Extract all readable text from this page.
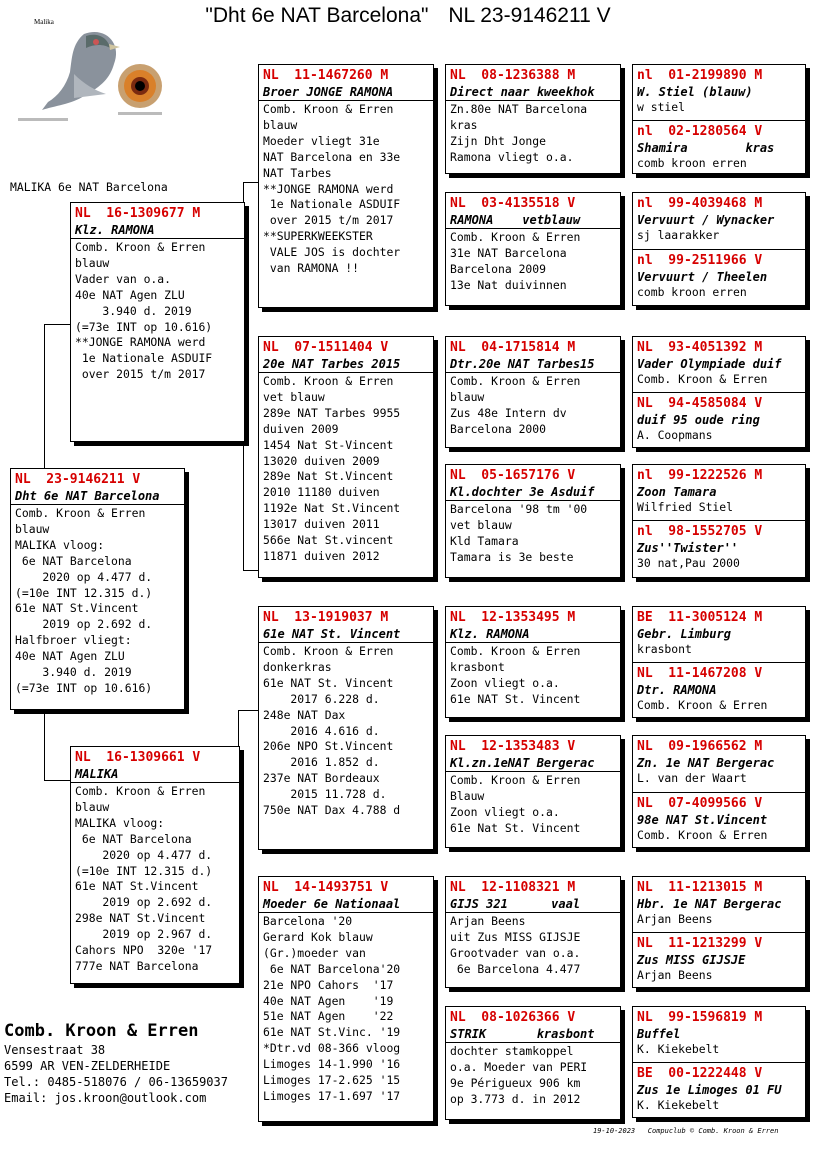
"Dht 6e NAT Barcelona" NL 23-9146211 V
Malika
MALIKA 6e NAT Barcelona
NL  23-9146211 V
Dht 6e NAT Barcelona
Comb. Kroon & Erren
blauw
MALIKA vloog:
6e NAT Barcelona
2020 op 4.477 d.
(=10e INT 12.315 d.)
61e NAT St.Vincent
2019 op 2.692 d.
Halfbroer vliegt:
40e NAT Agen ZLU
3.940 d. 2019
(=73e INT op 10.616)
NL  16-1309677 M
Klz. RAMONA
Comb. Kroon & Erren
blauw
Vader van o.a.
40e NAT Agen ZLU
3.940 d. 2019
(=73e INT op 10.616)
**JONGE RAMONA werd
1e Nationale ASDUIF
over 2015 t/m 2017
NL  16-1309661 V
MALIKA
Comb. Kroon & Erren
blauw
MALIKA vloog:
6e NAT Barcelona
2020 op 4.477 d.
(=10e INT 12.315 d.)
61e NAT St.Vincent
2019 op 2.692 d.
298e NAT St.Vincent
2019 op 2.967 d.
Cahors NPO  320e '17
777e NAT Barcelona
NL  11-1467260 M
Broer JONGE RAMONA
Comb. Kroon & Erren
blauw
Moeder vliegt 31e
NAT Barcelona en 33e
NAT Tarbes
**JONGE RAMONA werd
1e Nationale ASDUIF
over 2015 t/m 2017
**SUPERKWEEKSTER
VALE JOS is dochter
van RAMONA !!
NL  07-1511404 V
20e NAT Tarbes 2015
Comb. Kroon & Erren
vet blauw
289e NAT Tarbes 9955
duiven 2009
1454 Nat St-Vincent
13020 duiven 2009
289e Nat St.Vincent
2010 11180 duiven
1192e Nat St.Vincent
13017 duiven 2011
566e Nat St.vincent
11871 duiven 2012
NL  13-1919037 M
61e NAT St. Vincent
Comb. Kroon & Erren
donkerkras
61e NAT St. Vincent
2017 6.228 d.
248e NAT Dax
2016 4.616 d.
206e NPO St.Vincent
2016 1.852 d.
237e NAT Bordeaux
2015 11.728 d.
750e NAT Dax 4.788 d
NL  14-1493751 V
Moeder 6e Nationaal
Barcelona '20
Gerard Kok blauw
(Gr.)moeder van
6e NAT Barcelona'20
21e NPO Cahors  '17
40e NAT Agen    '19
51e NAT Agen    '22
61e NAT St.Vinc. '19
*Dtr.vd 08-366 vloog
Limoges 14-1.990 '16
Limoges 17-2.625 '15
Limoges 17-1.697 '17
NL  08-1236388 M
Direct naar kweekhok
Zn.80e NAT Barcelona
kras
Zijn Dht Jonge
Ramona vliegt o.a.
NL  03-4135518 V
RAMONA    vetblauw
Comb. Kroon & Erren
31e NAT Barcelona
Barcelona 2009
13e Nat duivinnen
NL  04-1715814 M
Dtr.20e NAT Tarbes15
Comb. Kroon & Erren
blauw
Zus 48e Intern dv
Barcelona 2000
NL  05-1657176 V
Kl.dochter 3e Asduif
Barcelona '98 tm '00
vet blauw
Kld Tamara
Tamara is 3e beste
NL  12-1353495 M
Klz. RAMONA
Comb. Kroon & Erren
krasbont
Zoon vliegt o.a.
61e NAT St. Vincent
NL  12-1353483 V
Kl.zn.1eNAT Bergerac
Comb. Kroon & Erren
Blauw
Zoon vliegt o.a.
61e Nat St. Vincent
NL  12-1108321 M
GIJS 321      vaal
Arjan Beens
uit Zus MISS GIJSJE
Grootvader van o.a.
6e Barcelona 4.477
NL  08-1026366 V
STRIK       krasbont
dochter stamkoppel
o.a. Moeder van PERI
9e Périgueux 906 km
op 3.773 d. in 2012
nl  01-2199890 M
W. Stiel (blauw)
w stiel
nl  02-1280564 V
Shamira        kras
comb kroon erren
nl  99-4039468 M
Vervuurt / Wynacker
sj laarakker
nl  99-2511966 V
Vervuurt / Theelen
comb kroon erren
NL  93-4051392 M
Vader Olympiade duif
Comb. Kroon & Erren
NL  94-4585084 V
duif 95 oude ring
A. Coopmans
nl  99-1222526 M
Zoon Tamara
Wilfried Stiel
nl  98-1552705 V
Zus''Twister''
30 nat,Pau 2000
BE  11-3005124 M
Gebr. Limburg
krasbont
NL  11-1467208 V
Dtr. RAMONA
Comb. Kroon & Erren
NL  09-1966562 M
Zn. 1e NAT Bergerac
L. van der Waart
NL  07-4099566 V
98e NAT St.Vincent
Comb. Kroon & Erren
NL  11-1213015 M
Hbr. 1e NAT Bergerac
Arjan Beens
NL  11-1213299 V
Zus MISS GIJSJE
Arjan Beens
NL  99-1596819 M
Buffel
K. Kiekebelt
BE  00-1222448 V
Zus 1e Limoges 01 FU
K. Kiekebelt
Comb. Kroon & Erren
Vensestraat 38
6599 AR VEN-ZELDERHEIDE
Tel.: 0485-518076 / 06-13659037
Email: jos.kroon@outlook.com
19-10-2023   Compuclub © Comb. Kroon & Erren
